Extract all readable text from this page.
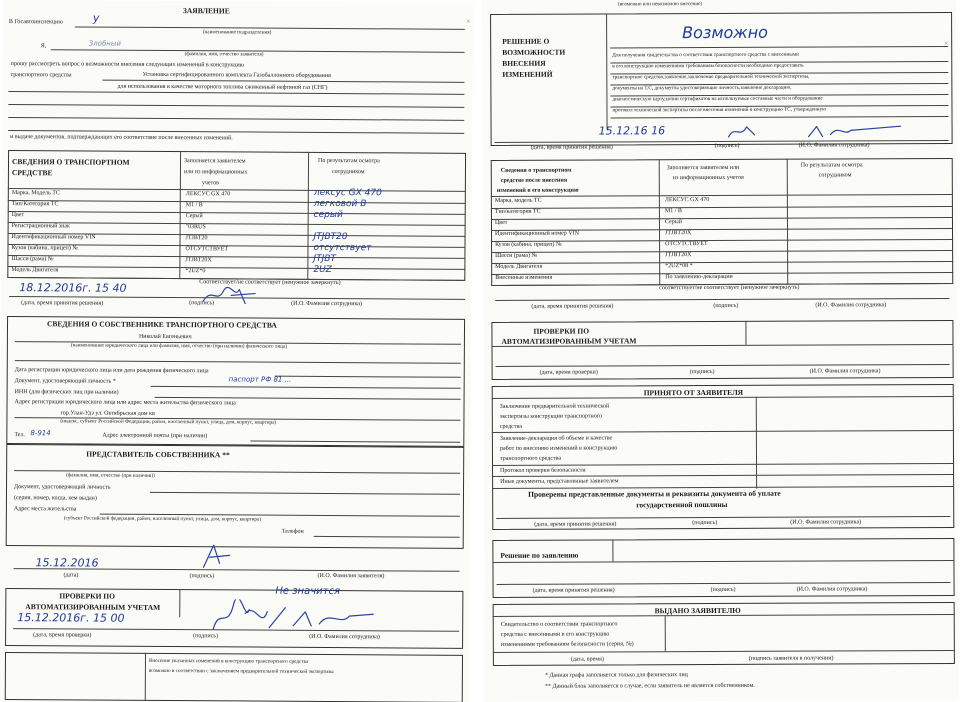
ЗАЯВЛЕНИЕ
В Госавтоинспекцию	у
(наименование подразделения)
Я,	Злобный
(фамилия, имя, отчество заявителя)
прошу рассмотреть вопрос о возможности внесения следующих изменений в конструкцию
транспортного средства	Установка сертифицированного комплекта Газобаллонного оборудования
для использования в качестве моторного топлива сжиженный нефтяной газ (СНГ)
и выдаче документов, подтверждающих его соответствие после внесенных изменений.
СВЕДЕНИЯ О ТРАНСПОРТНОМ
СРЕДСТВЕ
Заполняется заявителем
или из информационных
учетов
По результатам осмотра
сотрудником
Марка, Модель ТС	ЛЕКСУС GX 470	лексус GX 470
Тип/Категория ТС	М1 / В	легковой В
Цвет	Серый	серый
Регистрационный знак	"03RUS
Идентификационный номер VIN	JTJBT20	JTJBT20
Кузов (кабина, прицеп) №	ОТСУТСТВУЕТ	отсутствует
Шасси (рама) №	JTJBT20X	JTJBT
Модель Двигателя	*2UZ*0	2UZ
Соответствует/не соответствует (ненужное зачеркнуть)
18.12.2016г. 15 40
(дата, время принятия решения)	(подпись)	(И.О. Фамилия сотрудника)
СВЕДЕНИЯ О СОБСТВЕННИКЕ ТРАНСПОРТНОГО СРЕДСТВА
Николай Евгеньевич
(наименование юридического лица или фамилия, имя, отчество (при наличии) физического лица)
Дата регистрации юридического лица или дата рождения физического лица
Документ, удостоверяющий личность *	паспорт РФ 81 ...
ИНН (для физических лиц при наличии)
Адрес регистрации юридического лица или адрес места жительства физического лица
гор.Улан-Удэ ул. Октябрьская дом кв
(индекс, субъект Российской Федерации, район, населенный пункт, улица, дом, корпус, квартира)
Тел. 8-914	Адрес электронной почты (при наличии)
ПРЕДСТАВИТЕЛЬ СОБСТВЕННИКА **
(фамилия, имя, отчество (при наличии))
Документ, удостоверяющий личность
(серия, номер, когда, кем выдан)
Адрес места жительства
(субъект Российской федерации, район, населенный пункт, улица, дом, корпус, квартира)
Телефон
15.12.2016
(дата)	(подпись)	(И.О. Фамилия заявителя)
ПРОВЕРКИ ПО
АВТОМАТИЗИРОВАННЫМ УЧЕТАМ
Не значится
15.12.2016г. 15 00
(дата, время проверки)	(подпись)	(И.О. Фамилия сотрудника)
Внесение указанных изменений в конструкцию транспортного средства
возможно в соответствии с заключением предварительной технической экспертизы
(возможно или невозможно внесение)
РЕШЕНИЕ О
ВОЗМОЖНОСТИ
ВНЕСЕНИЯ
ИЗМЕНЕНИЙ
Возможно
Для получения свидетельства о соответствии транспортного средства с внесенными
в его конструкцию изменениями требованиям безопасности необходимо предоставить
транспортное средство,заявление,заключение предварительной технической экспертизы,
документы на Т.С, документы удостоверяющие личность,заявление декларацию,
диагностическую карту,копии сертификатов на используемые составные части и оборудование
протокол технической экспертизы после внесения изменений в конструкцию ТС, утвержденную
15.12.16 16
(дата, время принятия решения)	(подпись)	(И.О. Фамилия сотрудника)
Сведения о транспортном
средстве после внесения
изменений в его конструкцию
Заполняется заявителем или
из информационных учетов
По результатам осмотра
сотрудником
Марка, модель ТС	ЛЕКСУС GX 470
Тип/категория ТС	М1 / В
Цвет	Серый
Идентификационный номер VIN	JTJBT20X
Кузов (кабина, прицеп) №	ОТСУТСТВУЕТ
Шасси (рама) №	JTJBT20X
Модель Двигателя	*2UZ*08 *
Внесенные изменения	По заявлению-декларации
соответствует/не соответствует (ненужное зачеркнуть)
(дата, время принятия решения)	(подпись)	(И.О. Фамилия сотрудника)
ПРОВЕРКИ ПО
АВТОМАТИЗИРОВАННЫМ УЧЕТАМ
(дата, время проверки)	(подпись)	(И.О. Фамилия сотрудника)
ПРИНЯТО ОТ ЗАЯВИТЕЛЯ
Заключение предварительной технической
экспертизы конструкции транспортного
средства
Заявление-декларация об объеме и качестве
работ по внесению изменений в конструкцию
транспортного средства
Протокол проверки безопасности
Иные документы, представленные заявителем
Проверены представленные документы и реквизиты документа об уплате
государственной пошлины
(дата, время принятия решения)	(подпись)	(И.О. Фамилия сотрудника)
Решение по заявлению
(дата, время принятия решения)	(подпись)	(И.О. Фамилия сотрудника)
ВЫДАНО ЗАЯВИТЕЛЮ
Свидетельство о соответствии транспортного
средства с внесенными в его конструкцию
изменениями требованиям безопасности (серия, №)
(дата, время)	(подпись заявителя в получении)
* Данная графа заполняется только для физических лиц
** Данный блок заполняется в случае, если заявитель не является собственником.
×
×
